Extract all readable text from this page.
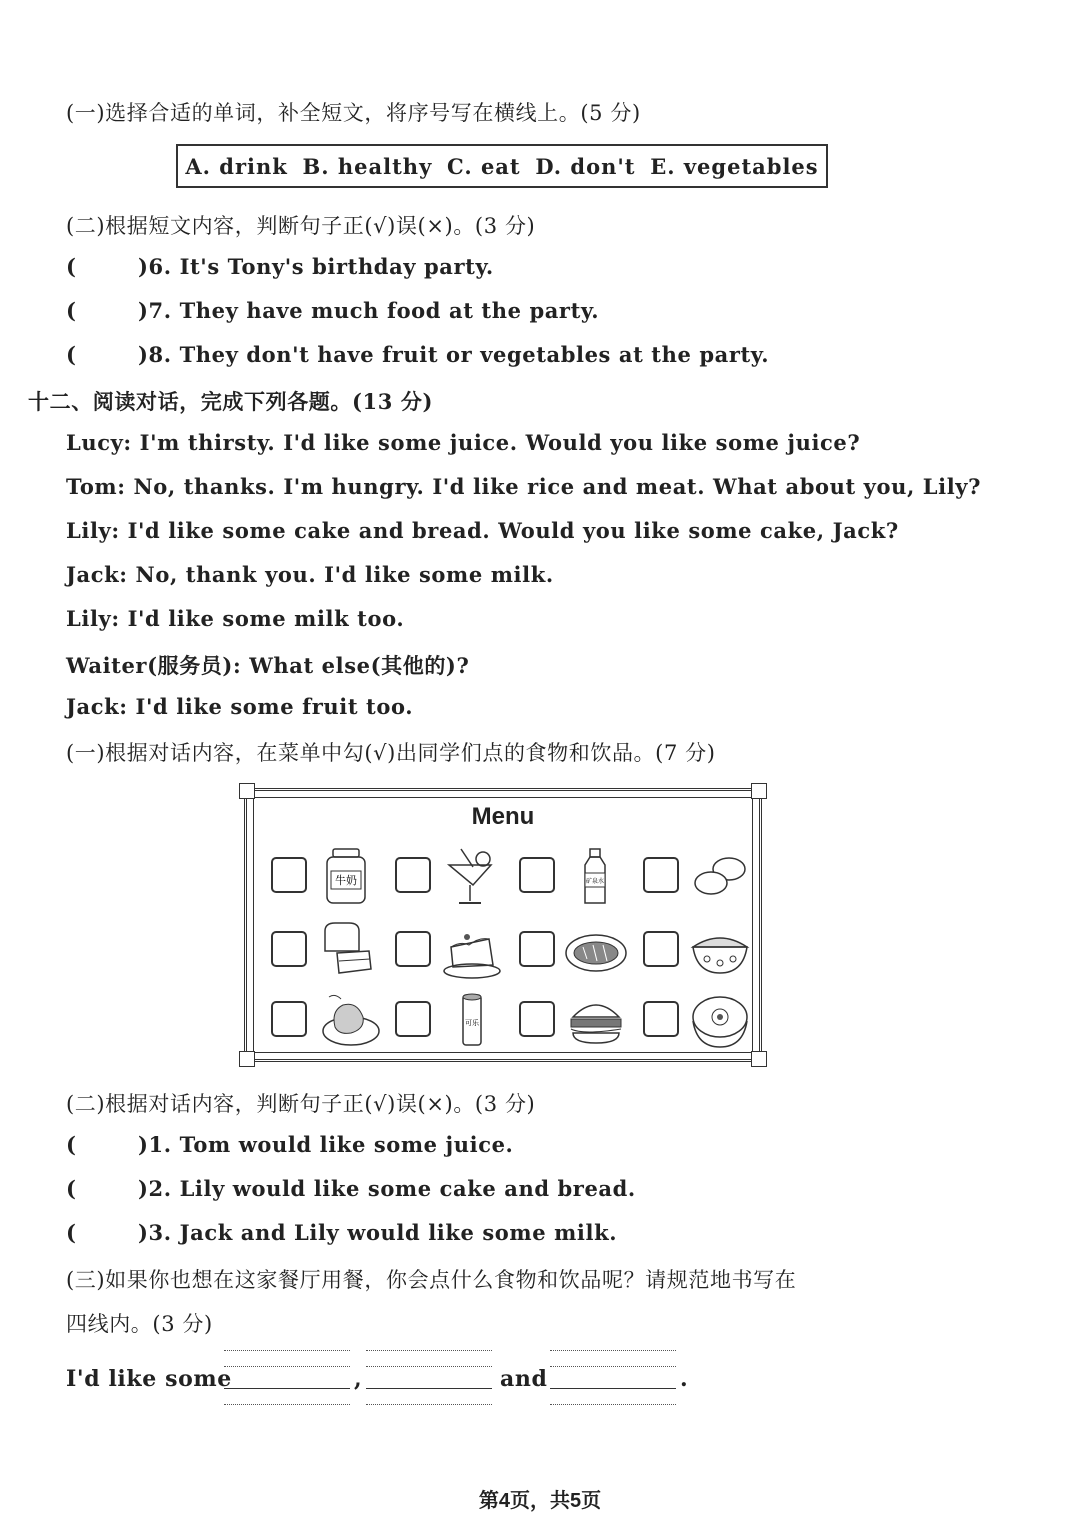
(一)选择合适的单词，补全短文，将序号写在横线上。(5 分)
A. drink B. healthy C. eat D. don't E. vegetables
(二)根据短文内容，判断句子正(√)误(×)。(3 分)
(	)6. It's Tony's birthday party.
(	)7. They have much food at the party.
(	)8. They don't have fruit or vegetables at the party.
十二、阅读对话，完成下列各题。(13 分)
Lucy: I'm thirsty. I'd like some juice. Would you like some juice?
Tom: No, thanks. I'm hungry. I'd like rice and meat. What about you, Lily?
Lily: I'd like some cake and bread. Would you like some cake, Jack?
Jack: No, thank you. I'd like some milk.
Lily: I'd like some milk too.
Waiter(服务员): What else(其他的)?
Jack: I'd like some fruit too.
(一)根据对话内容，在菜单中勾(√)出同学们点的食物和饮品。(7 分)
Menu
牛奶	矿泉水
可乐
(二)根据对话内容，判断句子正(√)误(×)。(3 分)
(	)1. Tom would like some juice.
(	)2. Lily would like some cake and bread.
(	)3. Jack and Lily would like some milk.
(三)如果你也想在这家餐厅用餐，你会点什么食物和饮品呢？请规范地书写在
四线内。(3 分)
I'd like some	,	and	.
第4页，共5页
